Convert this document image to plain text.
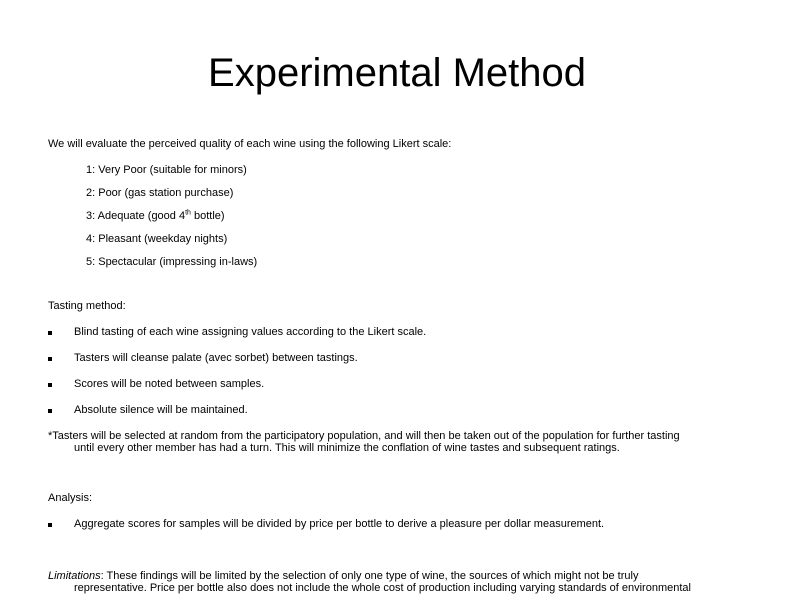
Experimental Method
We will evaluate the perceived quality of each wine using the following Likert scale:
1: Very Poor (suitable for minors)
2: Poor (gas station purchase)
3: Adequate (good 4th bottle)
4: Pleasant (weekday nights)
5: Spectacular (impressing in-laws)
Tasting method:
Blind tasting of each wine assigning values according to the Likert scale.
Tasters will cleanse palate (avec sorbet) between tastings.
Scores will be noted between samples.
Absolute silence will be maintained.
*Tasters will be selected at random from the participatory population, and will then be taken out of the population for further tasting
until every other member has had a turn. This will minimize the conflation of wine tastes and subsequent ratings.
Analysis:
Aggregate scores for samples will be divided by price per bottle to derive a pleasure per dollar measurement.
Limitations: These findings will be limited by the selection of only one type of wine, the sources of which might not be truly
representative. Price per bottle also does not include the whole cost of production including varying standards of environmental
